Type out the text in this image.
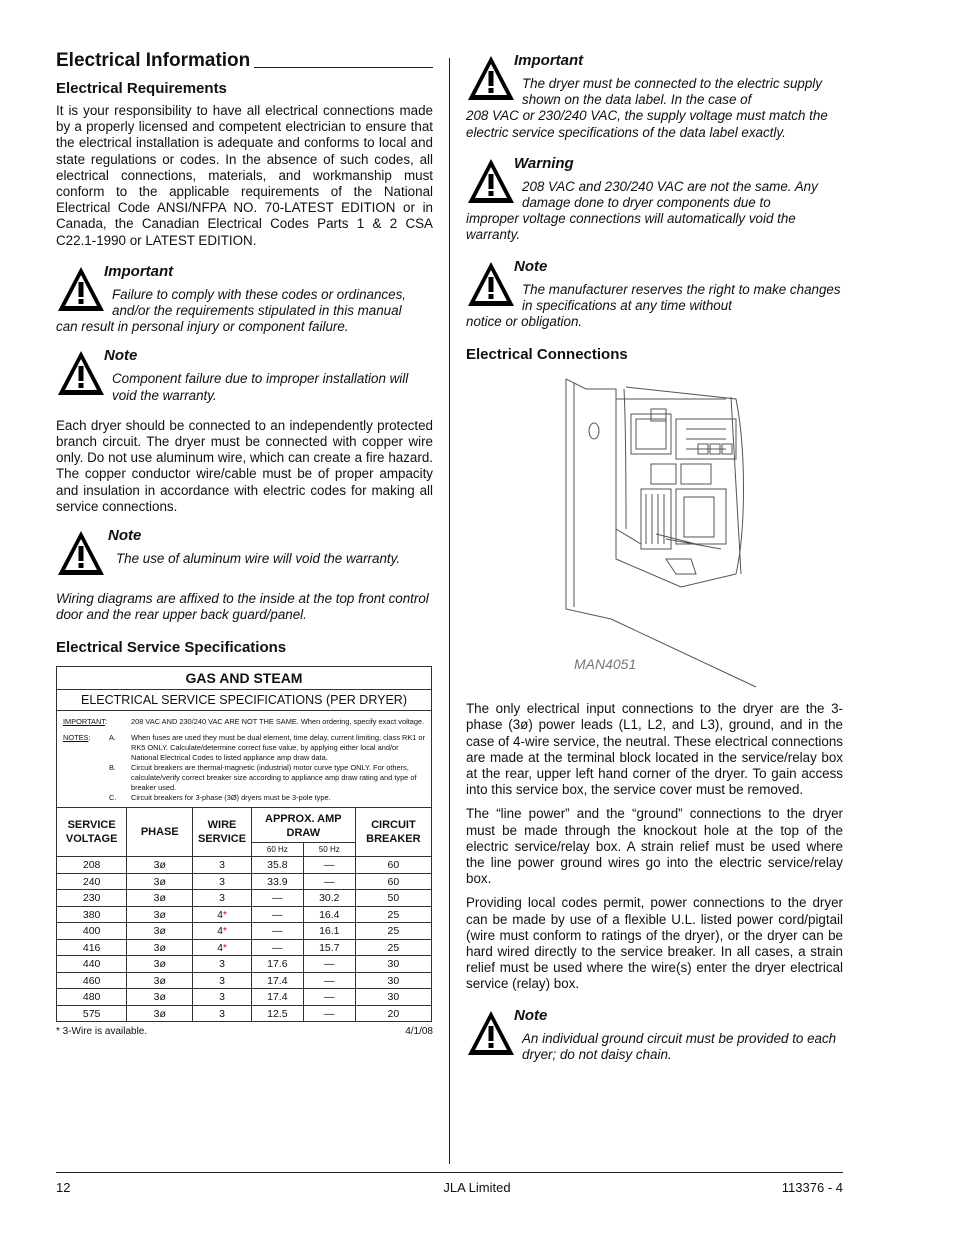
Electrical Information
Electrical Requirements

It is your responsibility to have all electrical connections made by a properly licensed and competent electrician to ensure that the electrical installation is adequate and conforms to local and state regulations or codes. In the absence of such codes, all electrical connections, materials, and workmanship must conform to the applicable requirements of the National Electrical Code ANSI/NFPA NO. 70-LATEST EDITION or in Canada, the Canadian Electrical Codes Parts 1 & 2 CSA C22.1-1990 or LATEST EDITION.

Important
Failure to comply with these codes or ordinances, and/or the requirements stipulated in this manual
can result in personal injury or component failure.
Note
Component failure due to improper installation will void the warranty.

Each dryer should be connected to an independently protected branch circuit. The dryer must be connected with copper wire only. Do not use aluminum wire, which can create a fire hazard. The copper conductor wire/cable must be of proper ampacity and insulation in accordance with electric codes for making all service connections.

Note
The use of aluminum wire will void the warranty.
Wiring diagrams are affixed to the inside at the top front control door and the rear upper back guard/panel.
Electrical Service Specifications
GAS AND STEAM
ELECTRICAL SERVICE SPECIFICATIONS (PER DRYER)
IMPORTANT:	208 VAC AND 230/240 VAC ARE NOT THE SAME. When ordering, specify exact voltage.
NOTES:	A.	When fuses are used they must be dual element, time delay, current limiting, class RK1 or RK5 ONLY. Calculate/determine correct fuse value, by applying either local and/or National Electrical Codes to listed appliance amp draw data.
B.	Circuit breakers are thermal-magnetic (industrial) motor curve type ONLY. For others, calculate/verify correct breaker size according to appliance amp draw rating and type of breaker used.
C.	Circuit breakers for 3-phase (3Ø) dryers must be 3-pole type.
SERVICE VOLTAGE	PHASE	WIRE SERVICE	APPROX. AMP DRAW		CIRCUIT BREAKER
			60 Hz	50 Hz	
208	3ø	3	35.8	—	60
240	3ø	3	33.9	—	60
230	3ø	3	—	30.2	50
380	3ø	4*	—	16.4	25
400	3ø	4*	—	16.1	25
416	3ø	4*	—	15.7	25
440	3ø	3	17.6	—	30
460	3ø	3	17.4	—	30
480	3ø	3	17.4	—	30
575	3ø	3	12.5	—	20
* 3-Wire is available.	4/1/08
Important
The dryer must be connected to the electric supply shown on the data label. In the case of
208 VAC or 230/240 VAC, the supply voltage must match the electric service specifications of the data label exactly.
Warning
208 VAC and 230/240 VAC are not the same. Any damage done to dryer components due to
improper voltage connections will automatically void the warranty.
Note
The manufacturer reserves the right to make changes in specifications at any time without
notice or obligation.
Electrical Connections
MAN4051

The only electrical input connections to the dryer are the 3-phase (3ø) power leads (L1, L2, and L3), ground, and in the case of 4-wire service, the neutral. These electrical connections are made at the terminal block located in the service/relay box at the rear, upper left hand corner of the dryer. To gain access into this service box, the service cover must be removed.

The “line power” and the “ground” connections to the dryer must be made through the knockout hole at the top of the electric service/relay box. A strain relief must be used where the line power ground wires go into the electric service/relay box.

Providing local codes permit, power connections to the dryer can be made by use of a flexible U.L. listed power cord/pigtail (wire must conform to ratings of the dryer), or the dryer can be hard wired directly to the service breaker. In all cases, a strain relief must be used where the wire(s) enter the dryer electrical service (relay) box.

Note
An individual ground circuit must be provided to each dryer; do not daisy chain.
12	JLA Limited	113376 - 4
